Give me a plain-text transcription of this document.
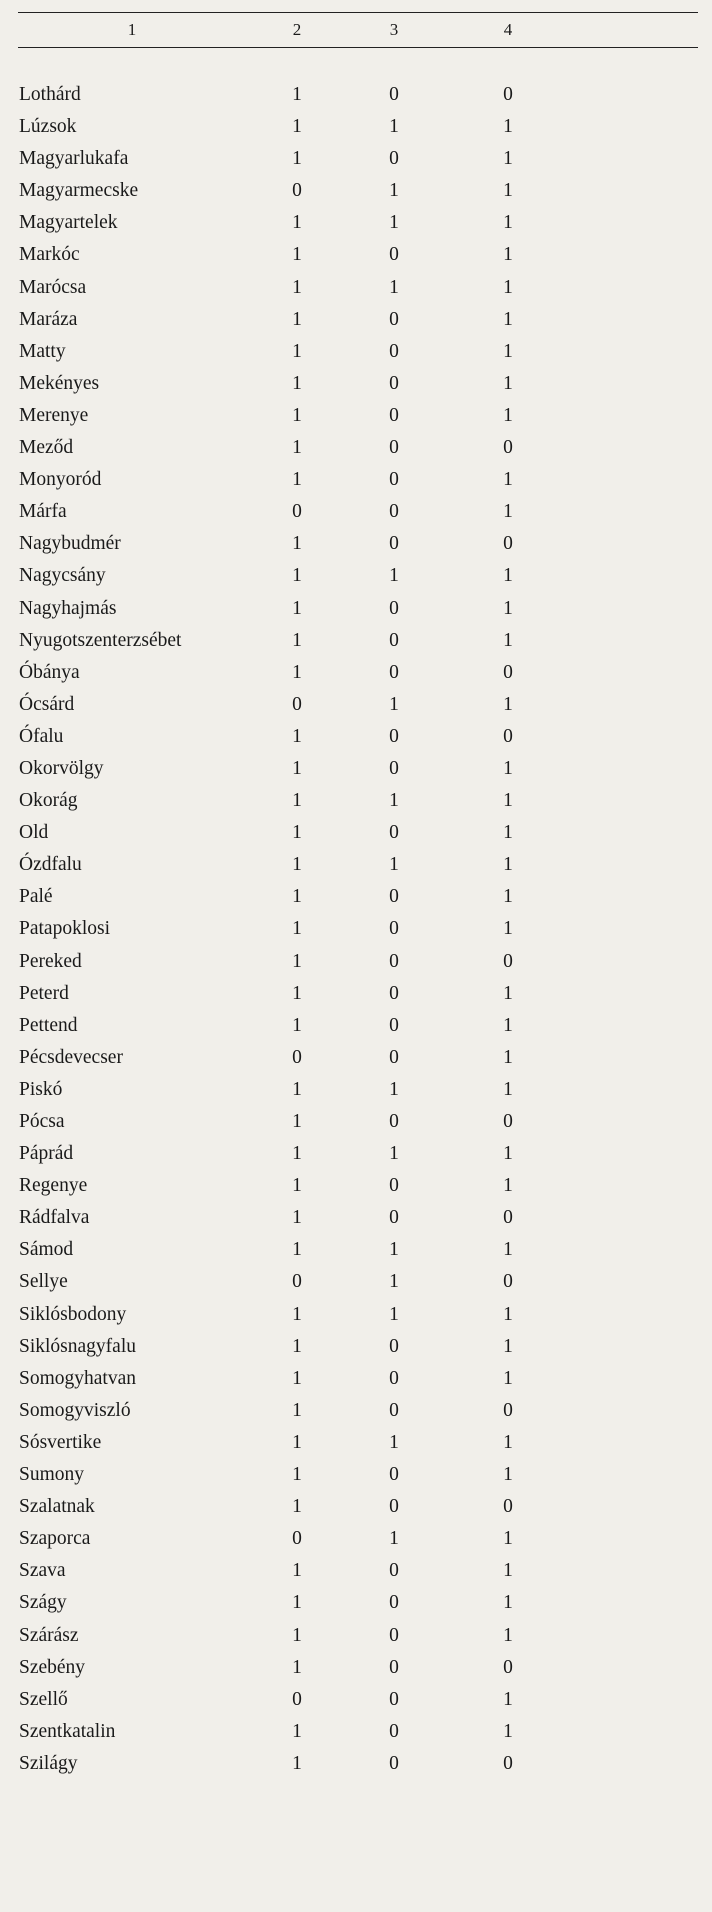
1	2	3	4
Lothárd	1	0	0
Lúzsok	1	1	1
Magyarlukafa	1	0	1
Magyarmecske	0	1	1
Magyartelek	1	1	1
Markóc	1	0	1
Marócsa	1	1	1
Maráza	1	0	1
Matty	1	0	1
Mekényes	1	0	1
Merenye	1	0	1
Meződ	1	0	0
Monyoród	1	0	1
Márfa	0	0	1
Nagybudmér	1	0	0
Nagycsány	1	1	1
Nagyhajmás	1	0	1
Nyugotszenterzsébet	1	0	1
Óbánya	1	0	0
Ócsárd	0	1	1
Ófalu	1	0	0
Okorvölgy	1	0	1
Okorág	1	1	1
Old	1	0	1
Ózdfalu	1	1	1
Palé	1	0	1
Patapoklosi	1	0	1
Pereked	1	0	0
Peterd	1	0	1
Pettend	1	0	1
Pécsdevecser	0	0	1
Piskó	1	1	1
Pócsa	1	0	0
Páprád	1	1	1
Regenye	1	0	1
Rádfalva	1	0	0
Sámod	1	1	1
Sellye	0	1	0
Siklósbodony	1	1	1
Siklósnagyfalu	1	0	1
Somogyhatvan	1	0	1
Somogyviszló	1	0	0
Sósvertike	1	1	1
Sumony	1	0	1
Szalatnak	1	0	0
Szaporca	0	1	1
Szava	1	0	1
Szágy	1	0	1
Szárász	1	0	1
Szebény	1	0	0
Szellő	0	0	1
Szentkatalin	1	0	1
Szilágy	1	0	0
